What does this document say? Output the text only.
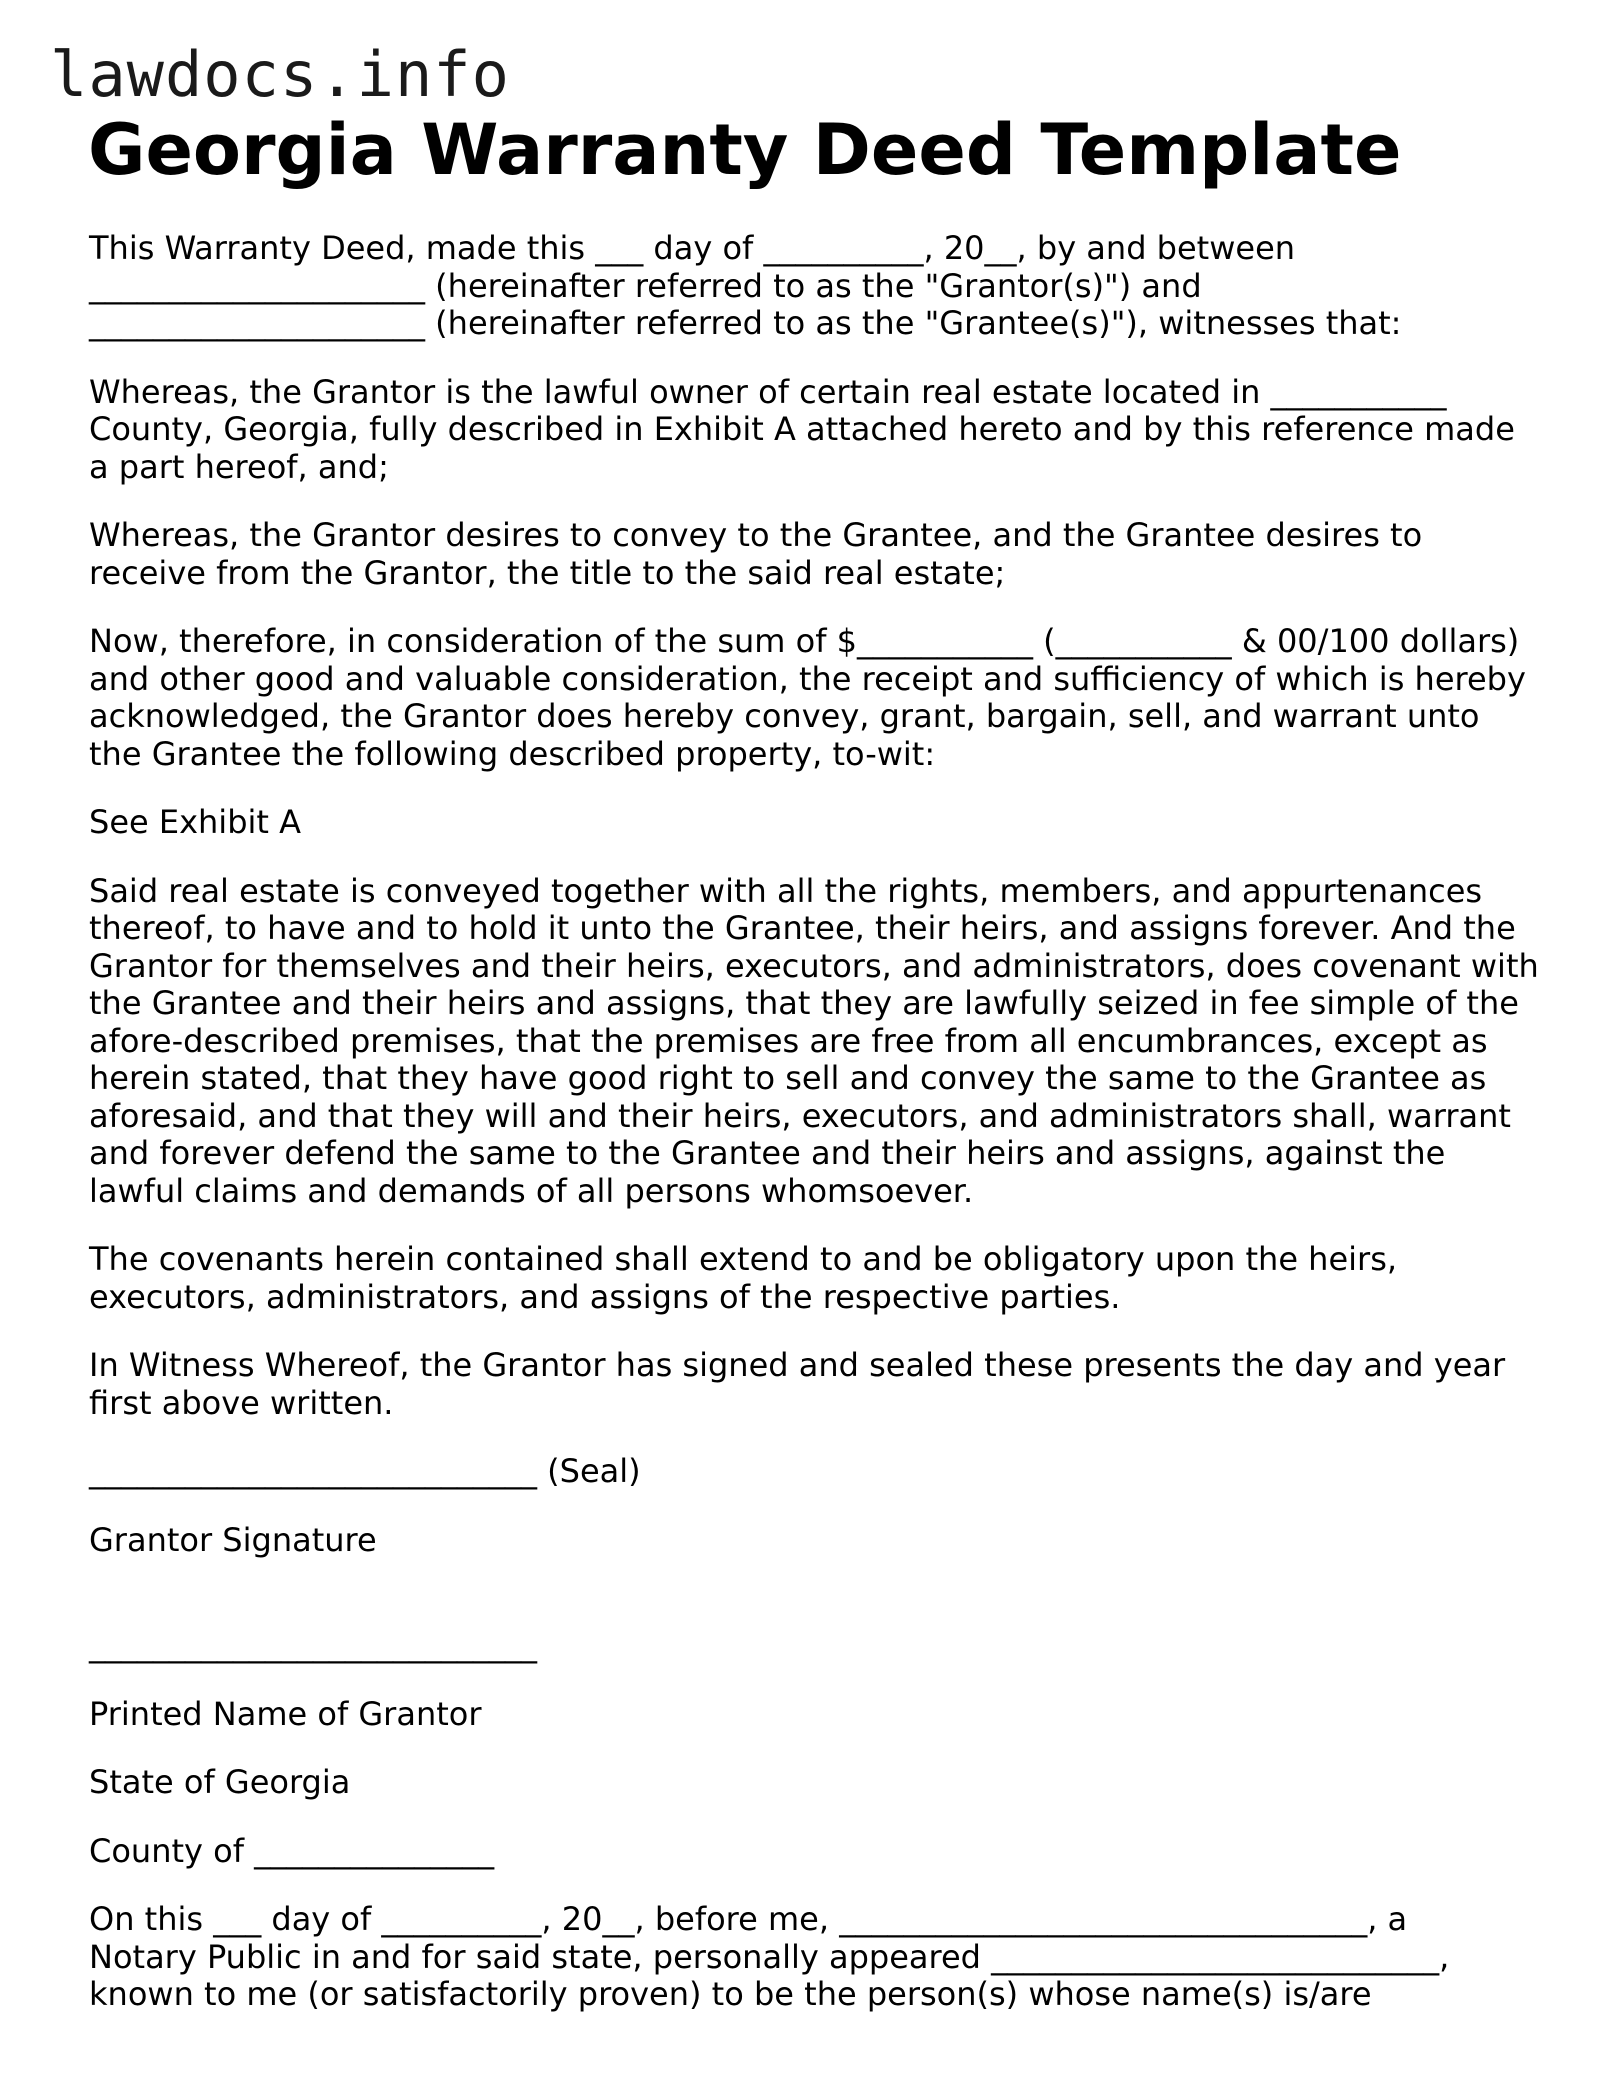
lawdocs.info
Georgia Warranty Deed Template

This Warranty Deed, made this ___ day of __________, 20__, by and between
_____________________ (hereinafter referred to as the "Grantor(s)") and
_____________________ (hereinafter referred to as the "Grantee(s)"), witnesses that:

Whereas, the Grantor is the lawful owner of certain real estate located in ___________ County, Georgia, fully described in Exhibit A attached hereto and by this reference made a part hereof, and;

Whereas, the Grantor desires to convey to the Grantee, and the Grantee desires to receive from the Grantor, the title to the said real estate;

Now, therefore, in consideration of the sum of $___________ (___________ & 00/100 dollars) and other good and valuable consideration, the receipt and sufficiency of which is hereby acknowledged, the Grantor does hereby convey, grant, bargain, sell, and warrant unto the Grantee the following described property, to-wit:

See Exhibit A

Said real estate is conveyed together with all the rights, members, and appurtenances thereof, to have and to hold it unto the Grantee, their heirs, and assigns forever. And the Grantor for themselves and their heirs, executors, and administrators, does covenant with the Grantee and their heirs and assigns, that they are lawfully seized in fee simple of the afore-described premises, that the premises are free from all encumbrances, except as herein stated, that they have good right to sell and convey the same to the Grantee as aforesaid, and that they will and their heirs, executors, and administrators shall, warrant and forever defend the same to the Grantee and their heirs and assigns, against the lawful claims and demands of all persons whomsoever.

The covenants herein contained shall extend to and be obligatory upon the heirs, executors, administrators, and assigns of the respective parties.

In Witness Whereof, the Grantor has signed and sealed these presents the day and year first above written.

____________________________ (Seal)

Grantor Signature

____________________________

Printed Name of Grantor

State of Georgia

County of _______________

On this ___ day of __________, 20__, before me, _________________________________, a
Notary Public in and for said state, personally appeared ____________________________,
known to me (or satisfactorily proven) to be the person(s) whose name(s) is/are
